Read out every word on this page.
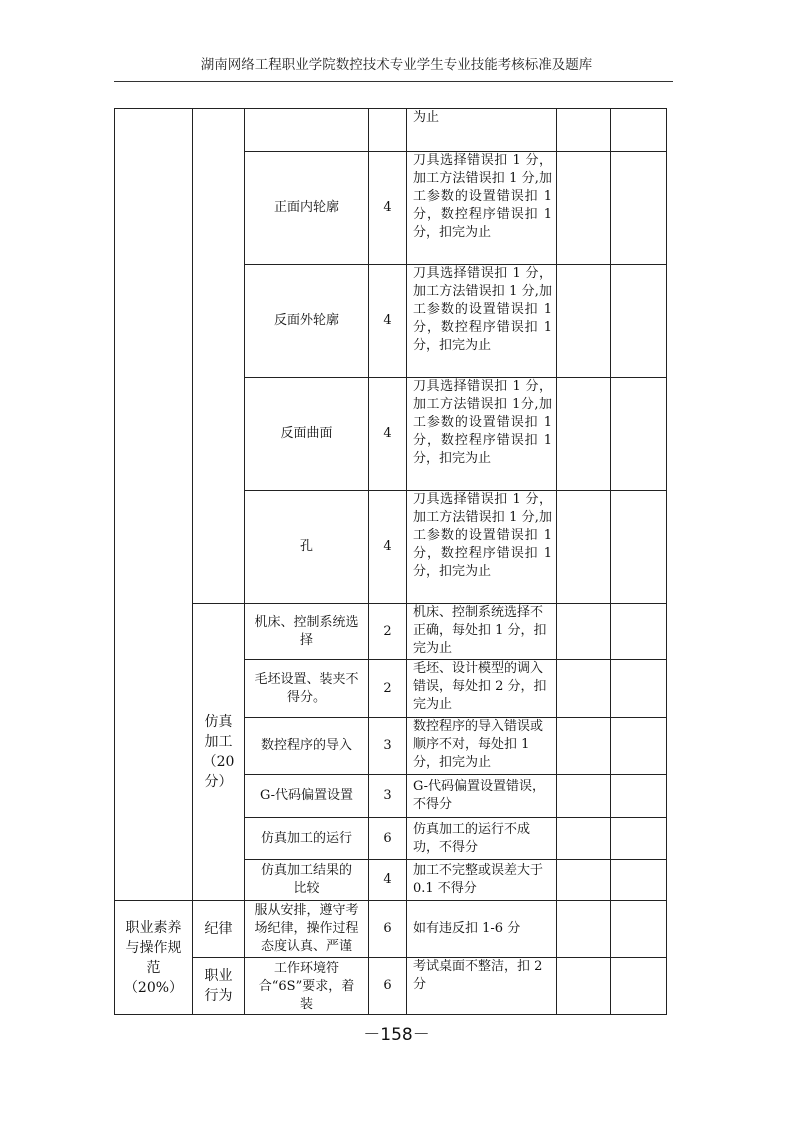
湖南网络工程职业学院数控技术专业学生专业技能考核标准及题库
				为止		
		正面内轮廓	4	刀具选择错误扣 1 分， 加工方法错误扣 1 分,加工参数的设置错误扣 1 分，数控程序错误扣 1 分，扣完为止		
		反面外轮廓	4	刀具选择错误扣 1 分， 加工方法错误扣 1 分,加工参数的设置错误扣 1 分，数控程序错误扣 1 分，扣完为止		
		反面曲面	4	刀具选择错误扣 1 分， 加工方法错误扣 1分,加工参数的设置错误扣 1 分，数控程序错误扣 1 分，扣完为止		
		孔	4	刀具选择错误扣 1 分， 加工方法错误扣 1 分,加工参数的设置错误扣 1 分，数控程序错误扣 1 分，扣完为止		
	仿真加工（20分）	机床、控制系统选择	2	机床、控制系统选择不正确，每处扣 1 分，扣完为止		
		毛坯设置、装夹不得分。	2	毛坯、设计模型的调入错误，每处扣 2 分，扣完为止		
		数控程序的导入	3	数控程序的导入错误或顺序不对，每处扣 1 分，扣完为止		
		G-代码偏置设置	3	G-代码偏置设置错误，不得分		
		仿真加工的运行	6	仿真加工的运行不成功，不得分		
		仿真加工结果的比较	4	加工不完整或误差大于 0.1 不得分		
职业素养与操作规范（20%）	纪律	服从安排，遵守考场纪律，操作过程态度认真、严谨	6	如有违反扣 1-6 分		
	职业行为	工作环境符合“6S”要求，着装	6	考试桌面不整洁，扣 2 分		
－158－
